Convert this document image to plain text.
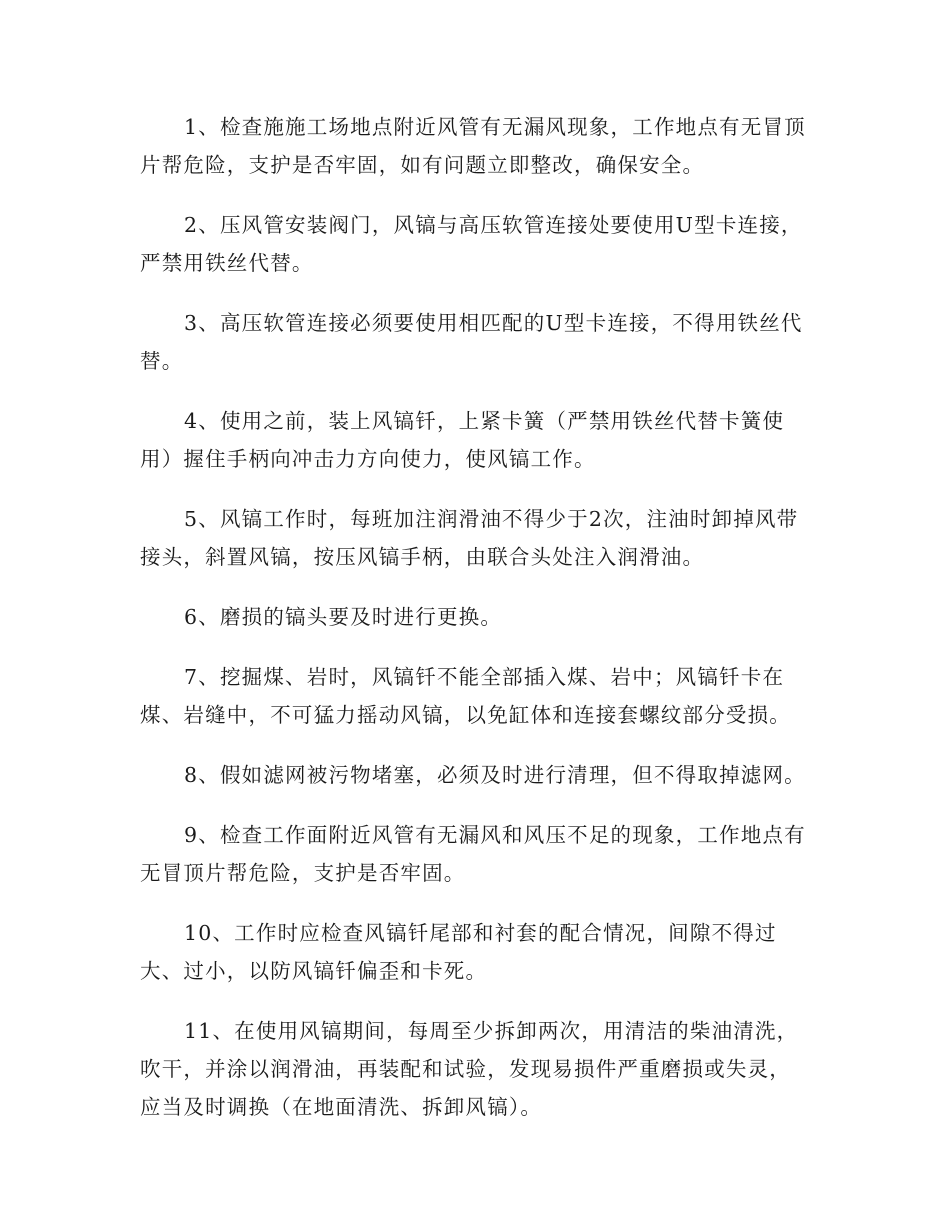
1、检查施施工场地点附近风管有无漏风现象，工作地点有无冒顶片帮危险，支护是否牢固，如有问题立即整改，确保安全。

2、压风管安装阀门，风镐与高压软管连接处要使用U型卡连接，严禁用铁丝代替。

3、高压软管连接必须要使用相匹配的U型卡连接，不得用铁丝代替。

4、使用之前，装上风镐钎，上紧卡簧（严禁用铁丝代替卡簧使用）握住手柄向冲击力方向使力，使风镐工作。

5、风镐工作时，每班加注润滑油不得少于2次，注油时卸掉风带接头，斜置风镐，按压风镐手柄，由联合头处注入润滑油。

6、磨损的镐头要及时进行更换。

7、挖掘煤、岩时，风镐钎不能全部插入煤、岩中；风镐钎卡在煤、岩缝中，不可猛力摇动风镐，以免缸体和连接套螺纹部分受损。

8、假如滤网被污物堵塞，必须及时进行清理，但不得取掉滤网。

9、检查工作面附近风管有无漏风和风压不足的现象，工作地点有无冒顶片帮危险，支护是否牢固。

10、工作时应检查风镐钎尾部和衬套的配合情况，间隙不得过大、过小，以防风镐钎偏歪和卡死。

11、在使用风镐期间，每周至少拆卸两次，用清洁的柴油清洗，吹干，并涂以润滑油，再装配和试验，发现易损件严重磨损或失灵，应当及时调换（在地面清洗、拆卸风镐）。
